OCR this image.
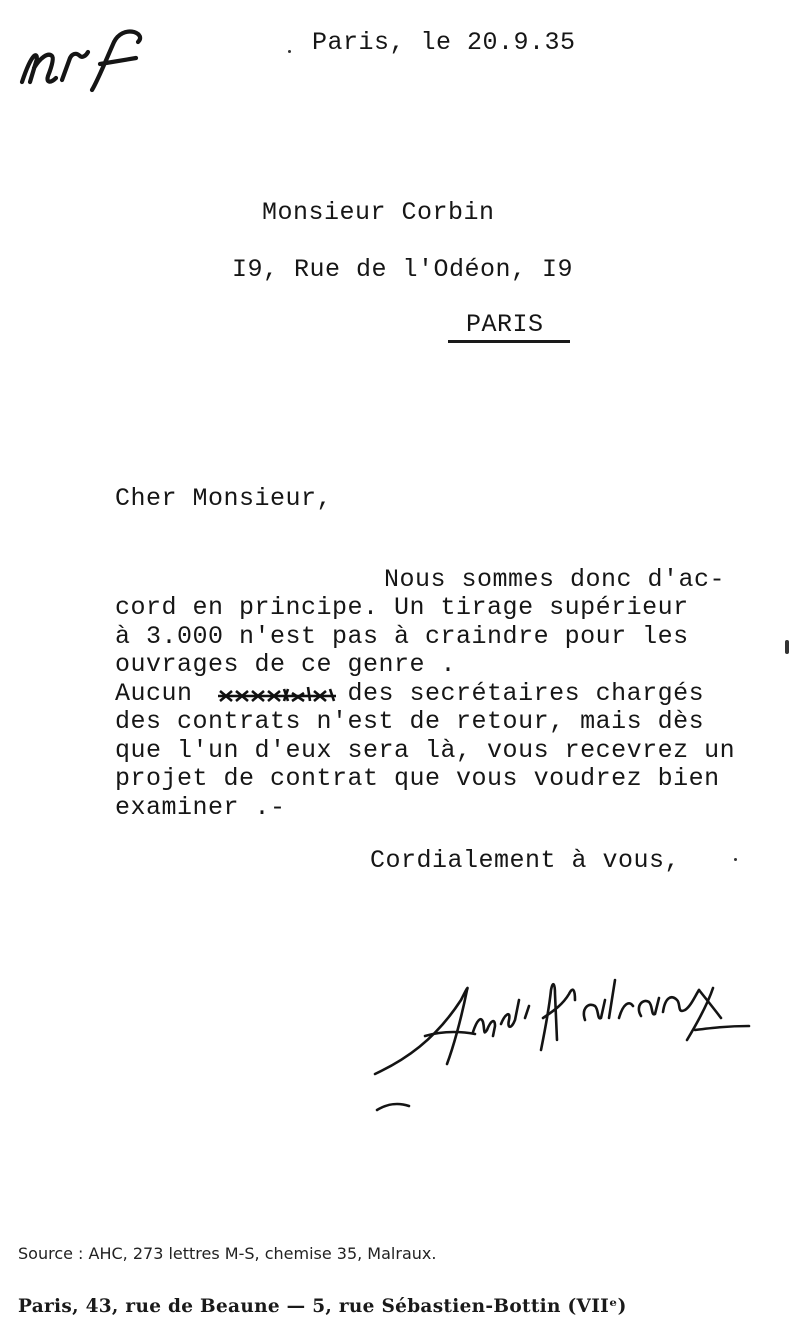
Paris, le 20.9.35
Monsieur Corbin
I9, Rue de l'Odéon, I9
PARIS
Cher Monsieur,
Nous sommes donc d'ac-
cord en principe. Un tirage supérieur
à 3.000 n'est pas à craindre pour les
ouvrages de ce genre .
Aucun          des secrétaires chargés
des contrats n'est de retour, mais dès
que l'un d'eux sera là, vous recevrez un
projet de contrat que vous voudrez bien
examiner .-
Cordialement à vous,
Source : AHC, 273 lettres M-S, chemise 35, Malraux.
Paris, 43, rue de Beaune — 5, rue Sébastien-Bottin (VIIᵉ)
